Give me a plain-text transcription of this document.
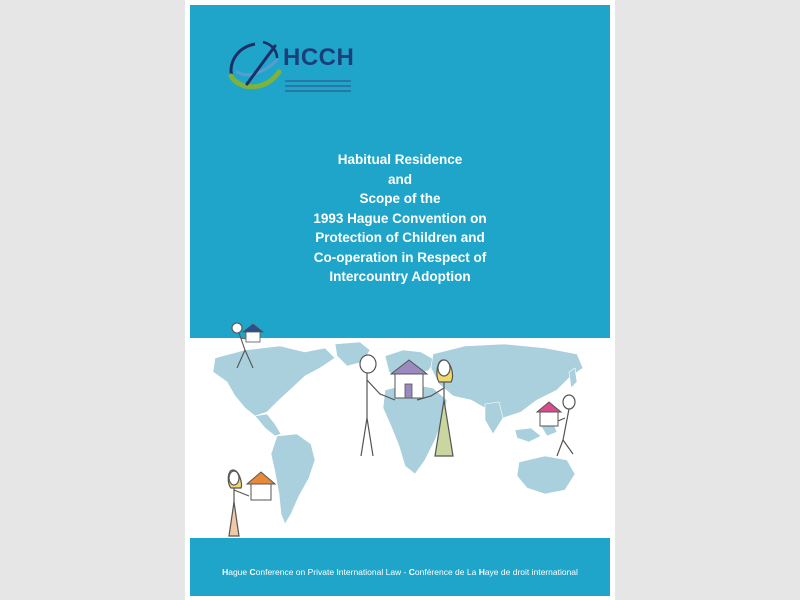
HCCH
Habitual Residence
and
Scope of the
1993 Hague Convention on
Protection of Children and
Co-operation in Respect of
Intercountry Adoption
Hague Conference on Private International Law - Conférence de La Haye de droit international
